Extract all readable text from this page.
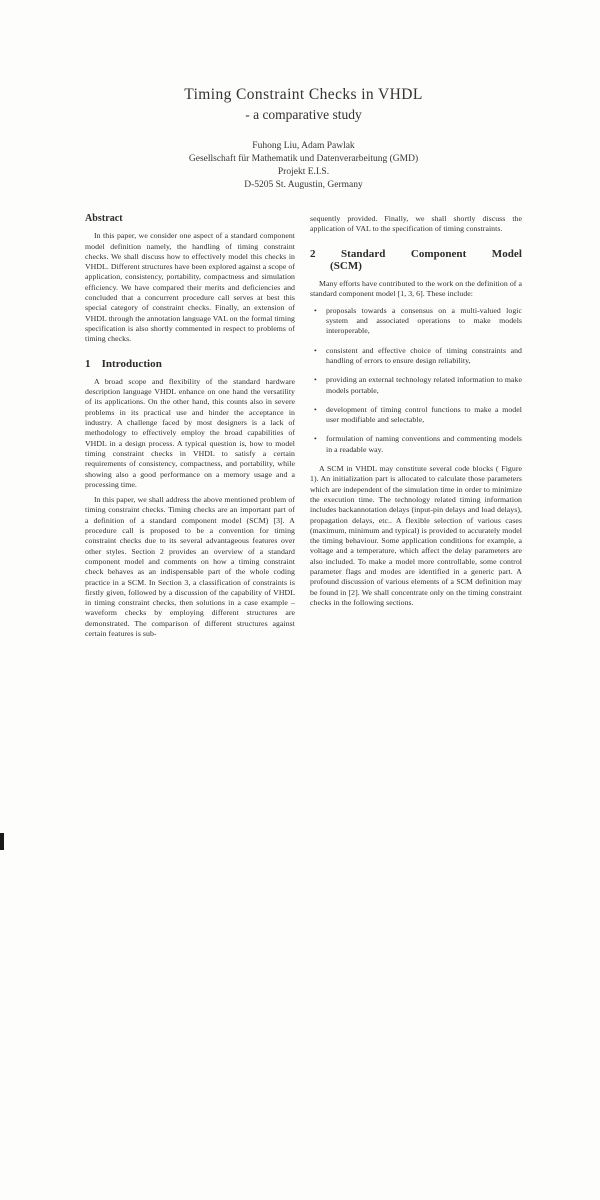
Timing Constraint Checks in VHDL
- a comparative study
Fuhong Liu, Adam Pawlak
Gesellschaft für Mathematik und Datenverarbeitung (GMD)
Projekt E.I.S.
D-5205 St. Augustin, Germany
Abstract

In this paper, we consider one aspect of a standard component model definition namely, the handling of timing constraint checks. We shall discuss how to effectively model this checks in VHDL. Different structures have been explored against a scope of application, consistency, portability, compactness and simulation efficiency. We have compared their merits and deficiencies and concluded that a concurrent procedure call serves at best this special category of constraint checks. Finally, an extension of VHDL through the annotation language VAL on the formal timing specification is also shortly commented in respect to problems of timing checks.

1 Introduction

A broad scope and flexibility of the standard hardware description language VHDL enhance on one hand the versatility of its applications. On the other hand, this counts also in severe problems in its practical use and hinder the acceptance in industry. A challenge faced by most designers is a lack of methodology to effectively employ the broad capabilities of VHDL in a design process. A typical question is, how to model timing constraint checks in VHDL to satisfy a certain requirements of consistency, compactness, and portability, while showing also a good performance on a memory usage and a processing time.

In this paper, we shall address the above mentioned problem of timing constraint checks. Timing checks are an important part of a definition of a standard component model (SCM) [3]. A procedure call is proposed to be a convention for timing constraint checks due to its several advantageous features over other styles. Section 2 provides an overview of a standard component model and comments on how a timing constraint check behaves as an indispensable part of the whole coding practice in a SCM. In Section 3, a classification of constraints is firstly given, followed by a discussion of the capability of VHDL in timing constraint checks, then solutions in a case example – waveform checks by employing different structures are demonstrated. The comparison of different structures against certain features is sub-

sequently provided. Finally, we shall shortly discuss the application of VAL to the specification of timing constraints.

2 Standard Component Model
(SCM)

Many efforts have contributed to the work on the definition of a standard component model [1, 3, 6]. These include:

• proposals towards a consensus on a multi-valued logic system and associated operations to make models interoperable,
• consistent and effective choice of timing constraints and handling of errors to ensure design reliability,
• providing an external technology related information to make models portable,
• development of timing control functions to make a model user modifiable and selectable,
• formulation of naming conventions and commenting models in a readable way.

A SCM in VHDL may constitute several code blocks ( Figure 1). An initialization part is allocated to calculate those parameters which are independent of the simulation time in order to minimize the execution time. The technology related timing information includes backannotation delays (input-pin delays and load delays), propagation delays, etc.. A flexible selection of various cases (maximum, minimum and typical) is provided to accurately model the timing behaviour. Some application conditions for example, a voltage and a temperature, which affect the delay parameters are also included. To make a model more controllable, some control parameter flags and modes are identified in a generic part. A profound discussion of various elements of a SCM definition may be found in [2]. We shall concentrate only on the timing constraint checks in the following sections.
